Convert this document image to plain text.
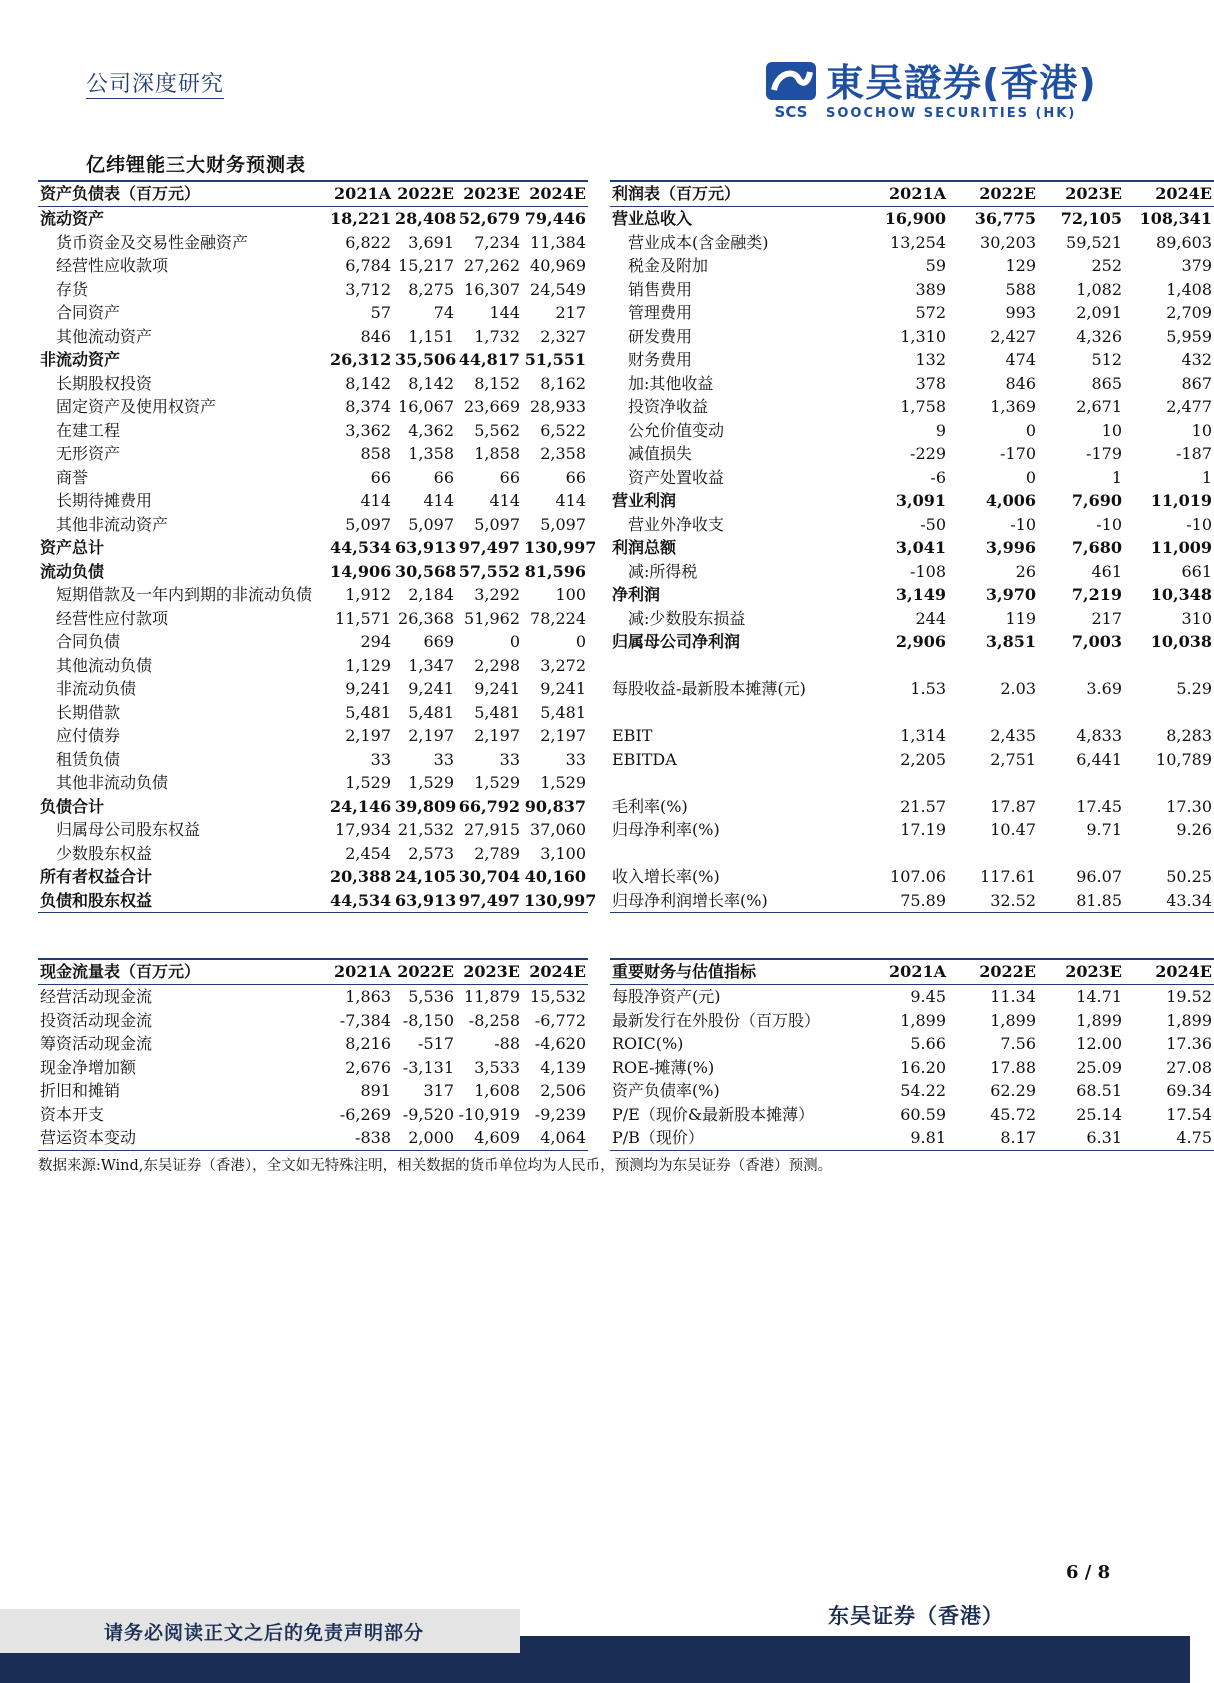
公司深度研究
SCS
東吴證券(香港)
SOOCHOW SECURITIES (HK)
亿纬锂能三大财务预测表
资产负债表（百万元）	2021A	2022E	2023E	2024E
流动资产	18,221	28,408	52,679	79,446
货币资金及交易性金融资产	6,822	3,691	7,234	11,384
经营性应收款项	6,784	15,217	27,262	40,969
存货	3,712	8,275	16,307	24,549
合同资产	57	74	144	217
其他流动资产	846	1,151	1,732	2,327
非流动资产	26,312	35,506	44,817	51,551
长期股权投资	8,142	8,142	8,152	8,162
固定资产及使用权资产	8,374	16,067	23,669	28,933
在建工程	3,362	4,362	5,562	6,522
无形资产	858	1,358	1,858	2,358
商誉	66	66	66	66
长期待摊费用	414	414	414	414
其他非流动资产	5,097	5,097	5,097	5,097
资产总计	44,534	63,913	97,497	130,997
流动负债	14,906	30,568	57,552	81,596
短期借款及一年内到期的非流动负债	1,912	2,184	3,292	100
经营性应付款项	11,571	26,368	51,962	78,224
合同负债	294	669	0	0
其他流动负债	1,129	1,347	2,298	3,272
非流动负债	9,241	9,241	9,241	9,241
长期借款	5,481	5,481	5,481	5,481
应付债券	2,197	2,197	2,197	2,197
租赁负债	33	33	33	33
其他非流动负债	1,529	1,529	1,529	1,529
负债合计	24,146	39,809	66,792	90,837
归属母公司股东权益	17,934	21,532	27,915	37,060
少数股东权益	2,454	2,573	2,789	3,100
所有者权益合计	20,388	24,105	30,704	40,160
负债和股东权益	44,534	63,913	97,497	130,997
利润表（百万元）	2021A	2022E	2023E	2024E
营业总收入	16,900	36,775	72,105	108,341
营业成本(含金融类)	13,254	30,203	59,521	89,603
税金及附加	59	129	252	379
销售费用	389	588	1,082	1,408
管理费用	572	993	2,091	2,709
研发费用	1,310	2,427	4,326	5,959
财务费用	132	474	512	432
加:其他收益	378	846	865	867
投资净收益	1,758	1,369	2,671	2,477
公允价值变动	9	0	10	10
减值损失	-229	-170	-179	-187
资产处置收益	-6	0	1	1
营业利润	3,091	4,006	7,690	11,019
营业外净收支	-50	-10	-10	-10
利润总额	3,041	3,996	7,680	11,009
减:所得税	-108	26	461	661
净利润	3,149	3,970	7,219	10,348
减:少数股东损益	244	119	217	310
归属母公司净利润	2,906	3,851	7,003	10,038

每股收益-最新股本摊薄(元)	1.53	2.03	3.69	5.29

EBIT	1,314	2,435	4,833	8,283
EBITDA	2,205	2,751	6,441	10,789

毛利率(%)	21.57	17.87	17.45	17.30
归母净利率(%)	17.19	10.47	9.71	9.26

收入增长率(%)	107.06	117.61	96.07	50.25
归母净利润增长率(%)	75.89	32.52	81.85	43.34
现金流量表（百万元）	2021A	2022E	2023E	2024E
经营活动现金流	1,863	5,536	11,879	15,532
投资活动现金流	-7,384	-8,150	-8,258	-6,772
筹资活动现金流	8,216	-517	-88	-4,620
现金净增加额	2,676	-3,131	3,533	4,139
折旧和摊销	891	317	1,608	2,506
资本开支	-6,269	-9,520	-10,919	-9,239
营运资本变动	-838	2,000	4,609	4,064
重要财务与估值指标	2021A	2022E	2023E	2024E
每股净资产(元)	9.45	11.34	14.71	19.52
最新发行在外股份（百万股）	1,899	1,899	1,899	1,899
ROIC(%)	5.66	7.56	12.00	17.36
ROE-摊薄(%)	16.20	17.88	25.09	27.08
资产负债率(%)	54.22	62.29	68.51	69.34
P/E（现价&最新股本摊薄）	60.59	45.72	25.14	17.54
P/B（现价）	9.81	8.17	6.31	4.75
数据来源:Wind,东吴证券（香港），全文如无特殊注明，相关数据的货币单位均为人民币，预测均为东吴证券（香港）预测。
6 / 8
东吴证券（香港）
请务必阅读正文之后的免责声明部分
